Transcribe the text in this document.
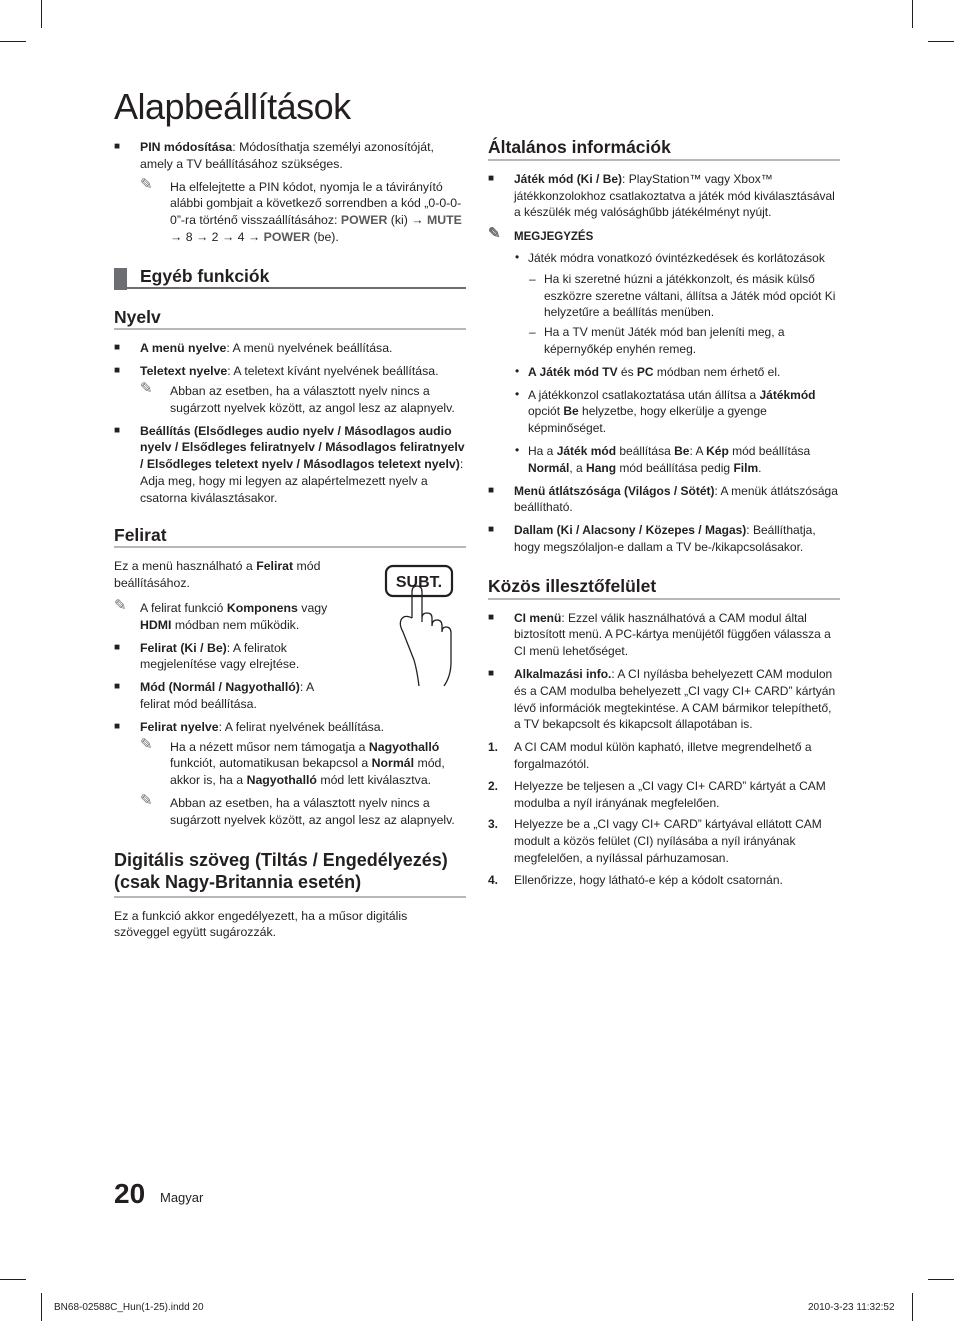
Alapbeállítások
■ PIN módosítása: Módosíthatja személyi azonosítóját, amely a TV beállításához szükséges.
✎ Ha elfelejtette a PIN kódot, nyomja le a távirányító alábbi gombjait a következő sorrendben a kód „0-0-0-0”-ra történő visszaállításához: POWER (ki) → MUTE → 8 → 2 → 4 → POWER (be).
Egyéb funkciók
Nyelv
■ A menü nyelve: A menü nyelvének beállítása.
■ Teletext nyelve: A teletext kívánt nyelvének beállítása.
✎ Abban az esetben, ha a választott nyelv nincs a sugárzott nyelvek között, az angol lesz az alapnyelv.
■ Beállítás (Elsődleges audio nyelv / Másodlagos audio nyelv / Elsődleges feliratnyelv / Másodlagos feliratnyelv / Elsődleges teletext nyelv / Másodlagos teletext nyelv): Adja meg, hogy mi legyen az alapértelmezett nyelv a csatorna kiválasztásakor.
Felirat
SUBT.
Ez a menü használható a Felirat mód beállításához.
✎ A felirat funkció Komponens vagy HDMI módban nem működik.
■ Felirat (Ki / Be): A feliratok megjelenítése vagy elrejtése.
■ Mód (Normál / Nagyothalló): A felirat mód beállítása.
■ Felirat nyelve: A felirat nyelvének beállítása.
✎ Ha a nézett műsor nem támogatja a Nagyothalló funkciót, automatikusan bekapcsol a Normál mód, akkor is, ha a Nagyothalló mód lett kiválasztva.
✎ Abban az esetben, ha a választott nyelv nincs a sugárzott nyelvek között, az angol lesz az alapnyelv.
Digitális szöveg (Tiltás / Engedélyezés) (csak Nagy-Britannia esetén)
Ez a funkció akkor engedélyezett, ha a műsor digitális szöveggel együtt sugározzák.
Általános információk
■ Játék mód (Ki / Be): PlayStation™ vagy Xbox™ játékkonzolokhoz csatlakoztatva a játék mód kiválasztásával a készülék még valósághűbb játékélményt nyújt.
✎ MEGJEGYZÉS
• Játék módra vonatkozó óvintézkedések és korlátozások
– Ha ki szeretné húzni a játékkonzolt, és másik külső eszközre szeretne váltani, állítsa a Játék mód opciót Ki helyzetűre a beállítás menüben.
– Ha a TV menüt Játék mód ban jeleníti meg, a képernyőkép enyhén remeg.
• A Játék mód TV és PC módban nem érhető el.
• A játékkonzol csatlakoztatása után állítsa a Játékmód opciót Be helyzetbe, hogy elkerülje a gyenge képminőséget.
• Ha a Játék mód beállítása Be: A Kép mód beállítása Normál, a Hang mód beállítása pedig Film.
■ Menü átlátszósága (Világos / Sötét): A menük átlátszósága beállítható.
■ Dallam (Ki / Alacsony / Közepes / Magas): Beállíthatja, hogy megszólaljon-e dallam a TV be-/kikapcsolásakor.
Közös illesztőfelület
■ CI menü: Ezzel válik használhatóvá a CAM modul által biztosított menü. A PC-kártya menüjétől függően válassza a CI menü lehetőséget.
■ Alkalmazási info.: A CI nyílásba behelyezett CAM modulon és a CAM modulba behelyezett „CI vagy CI+ CARD” kártyán lévő információk megtekintése. A CAM bármikor telepíthető, a TV bekapcsolt és kikapcsolt állapotában is.
1. A CI CAM modul külön kapható, illetve megrendelhető a forgalmazótól.
2. Helyezze be teljesen a „CI vagy CI+ CARD” kártyát a CAM modulba a nyíl irányának megfelelően.
3. Helyezze be a „CI vagy CI+ CARD” kártyával ellátott CAM modult a közös felület (CI) nyílásába a nyíl irányának megfelelően, a nyílással párhuzamosan.
4. Ellenőrizze, hogy látható-e kép a kódolt csatornán.
20 Magyar
BN68-02588C_Hun(1-25).indd 20	2010-3-23 11:32:52
